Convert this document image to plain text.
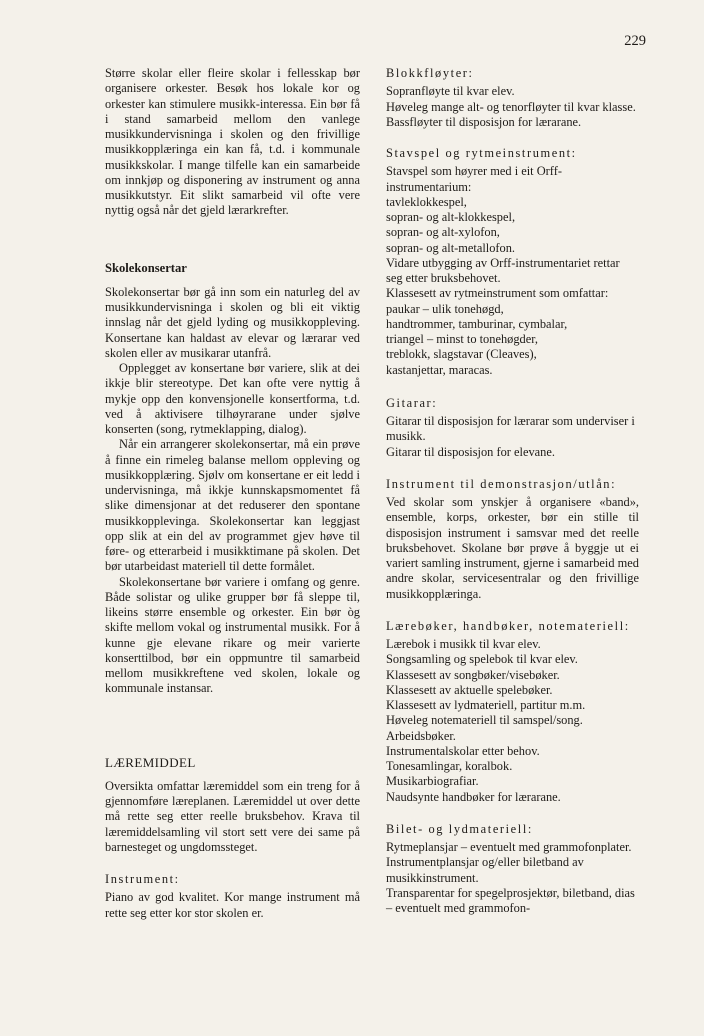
229

Større skolar eller fleire skolar i fellesskap bør organisere orkester. Besøk hos lokale kor og orkester kan stimulere musikk-interessa. Ein bør få i stand samarbeid mellom den vanlege musikkundervisninga i skolen og den frivillige musikkopplæringa ein kan få, t.d. i kommunale musikkskolar. I mange tilfelle kan ein samarbeide om innkjøp og disponering av instrument og anna musikkutstyr. Eit slikt samarbeid vil ofte vere nyttig også når det gjeld lærarkrefter.

Skolekonsertar

Skolekonsertar bør gå inn som ein naturleg del av musikkundervisninga i skolen og bli eit viktig innslag når det gjeld lyding og musikkoppleving. Konsertane kan haldast av elevar og lærarar ved skolen eller av musikarar utanfrå.

Opplegget av konsertane bør variere, slik at dei ikkje blir stereotype. Det kan ofte vere nyttig å mykje opp den konvensjonelle konsertforma, t.d. ved å aktivisere tilhøyrarane under sjølve konserten (song, rytmeklapping, dialog).

Når ein arrangerer skolekonsertar, må ein prøve å finne ein rimeleg balanse mellom oppleving og musikkopplæring. Sjølv om konsertane er eit ledd i undervisninga, må ikkje kunnskapsmomentet få slike dimensjonar at det reduserer den spontane musikkopplevinga. Skolekonsertar kan leggjast opp slik at ein del av programmet gjev høve til føre- og etterarbeid i musikktimane på skolen. Det bør utarbeidast materiell til dette formålet.

Skolekonsertane bør variere i omfang og genre. Både solistar og ulike grupper bør få sleppe til, likeins større ensemble og orkester. Ein bør òg skifte mellom vokal og instrumental musikk. For å kunne gje elevane rikare og meir varierte konserttilbod, bør ein oppmuntre til samarbeid mellom musikkreftene ved skolen, lokale og kommunale instansar.

LÆREMIDDEL

Oversikta omfattar læremiddel som ein treng for å gjennomføre læreplanen. Læremiddel ut over dette må rette seg etter reelle bruksbehov. Krava til læremiddelsamling vil stort sett vere dei same på barnesteget og ungdomssteget.

Instrument:

Piano av god kvalitet. Kor mange instrument må rette seg etter kor stor skolen er.

Blokkfløyter:
Sopranfløyte til kvar elev.
Høveleg mange alt- og tenorfløyter til kvar klasse.
Bassfløyter til disposisjon for lærarane.
Stavspel og rytmeinstrument:
Stavspel som høyrer med i eit Orff-instrumentarium:
tavleklokkespel,
sopran- og alt-klokkespel,
sopran- og alt-xylofon,
sopran- og alt-metallofon.
Vidare utbygging av Orff-instrumentariet rettar seg etter bruksbehovet.
Klassesett av rytmeinstrument som omfattar:
paukar – ulik tonehøgd,
handtrommer, tamburinar, cymbalar,
triangel – minst to tonehøgder,
treblokk, slagstavar (Cleaves),
kastanjettar, maracas.
Gitarar:
Gitarar til disposisjon for lærarar som underviser i musikk.
Gitarar til disposisjon for elevane.
Instrument til demonstrasjon/utlån:

Ved skolar som ynskjer å organisere «band», ensemble, korps, orkester, bør ein stille til disposisjon instrument i samsvar med det reelle bruksbehovet. Skolane bør prøve å byggje ut ei variert samling instrument, gjerne i samarbeid med andre skolar, servicesentralar og den frivillige musikkopplæringa.

Lærebøker, handbøker, notemateriell:
Lærebok i musikk til kvar elev.
Songsamling og spelebok til kvar elev.
Klassesett av songbøker/visebøker.
Klassesett av aktuelle spelebøker.
Klassesett av lydmateriell, partitur m.m.
Høveleg notemateriell til samspel/song.
Arbeidsbøker.
Instrumentalskolar etter behov.
Tonesamlingar, koralbok.
Musikarbiografiar.
Naudsynte handbøker for lærarane.
Bilet- og lydmateriell:
Rytmeplansjar – eventuelt med grammofonplater.
Instrumentplansjar og/eller biletband av musikkinstrument.
Transparentar for spegelprosjektør, biletband, dias – eventuelt med grammofon-
